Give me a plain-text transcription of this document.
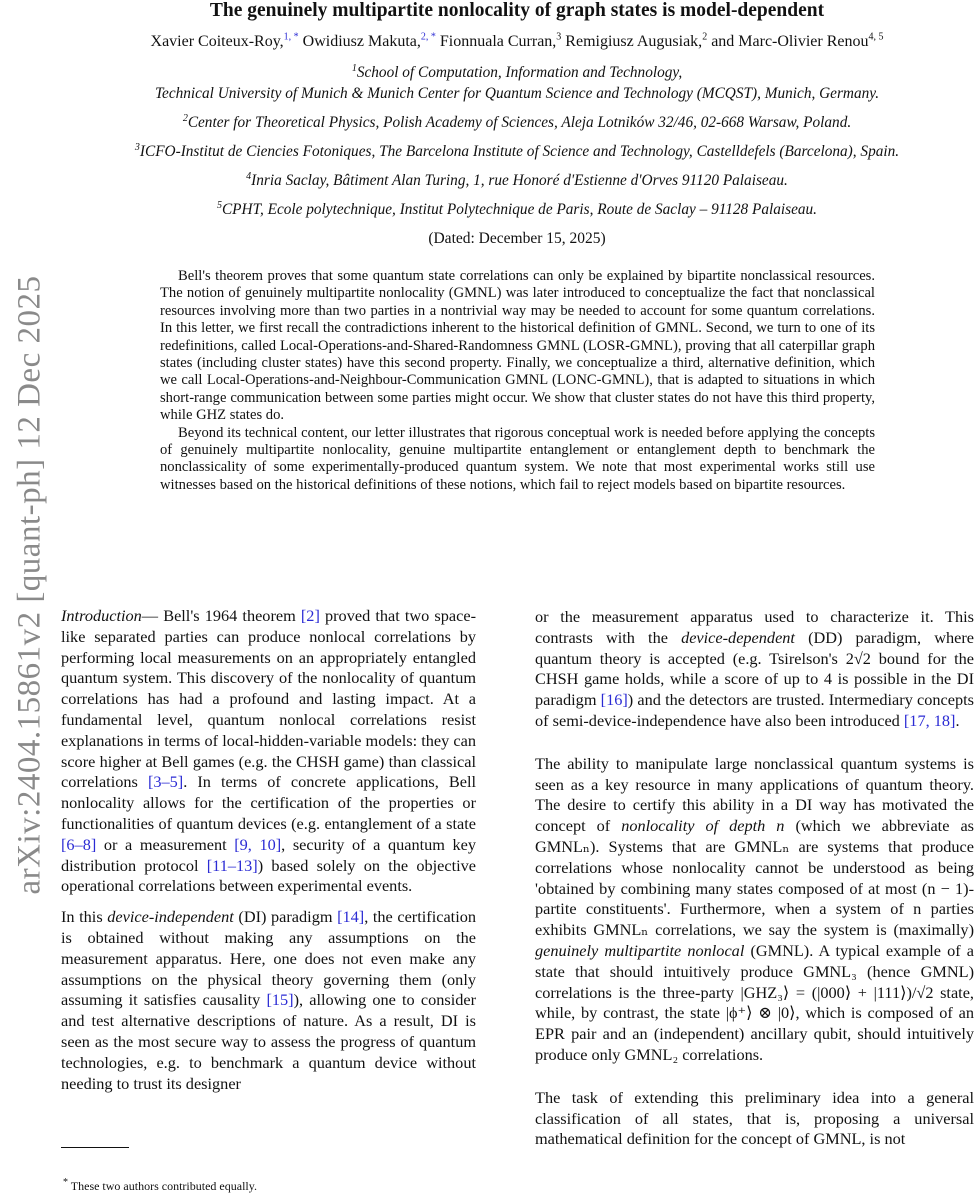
arXiv:2404.15861v2 [quant-ph] 12 Dec 2025
The genuinely multipartite nonlocality of graph states is model-dependent
Xavier Coiteux-Roy,$^{1, *}$ Owidiusz Makuta,$^{2, *}$ Fionnuala Curran,$^3$ Remigiusz Augusiak,$^2$ and Marc-Olivier Renou$^{4, 5}$
$^1$School of Computation, Information and Technology,
Technical University of Munich & Munich Center for Quantum Science and Technology (MCQST), Munich, Germany.
$^2$Center for Theoretical Physics, Polish Academy of Sciences, Aleja Lotników 32/46, 02-668 Warsaw, Poland.
$^3$ICFO-Institut de Ciencies Fotoniques, The Barcelona Institute of Science and Technology, Castelldefels (Barcelona), Spain.
$^4$Inria Saclay, Bâtiment Alan Turing, 1, rue Honoré d'Estienne d'Orves 91120 Palaiseau.
$^5$CPHT, Ecole polytechnique, Institut Polytechnique de Paris, Route de Saclay – 91128 Palaiseau.
(Dated: December 15, 2025)

Bell's theorem proves that some quantum state correlations can only be explained by bipartite nonclassical resources. The notion of genuinely multipartite nonlocality (GMNL) was later introduced to conceptualize the fact that nonclassical resources involving more than two parties in a nontrivial way may be needed to account for some quantum correlations. In this letter, we first recall the contradictions inherent to the historical definition of GMNL. Second, we turn to one of its redefinitions, called Local-Operations-and-Shared-Randomness GMNL (LOSR-GMNL), proving that all caterpillar graph states (including cluster states) have this second property. Finally, we conceptualize a third, alternative definition, which we call Local-Operations-and-Neighbour-Communication GMNL (LONC-GMNL), that is adapted to situations in which short-range communication between some parties might occur. We show that cluster states do not have this third property, while GHZ states do.

Beyond its technical content, our letter illustrates that rigorous conceptual work is needed before applying the concepts of genuinely multipartite nonlocality, genuine multipartite entanglement or entanglement depth to benchmark the nonclassicality of some experimentally-produced quantum system. We note that most experimental works still use witnesses based on the historical definitions of these notions, which fail to reject models based on bipartite resources.

Introduction— Bell's 1964 theorem [2] proved that two space-like separated parties can produce nonlocal correlations by performing local measurements on an appropriately entangled quantum system. This discovery of the nonlocality of quantum correlations has had a profound and lasting impact. At a fundamental level, quantum nonlocal correlations resist explanations in terms of local-hidden-variable models: they can score higher at Bell games (e.g. the CHSH game) than classical correlations [3–5]. In terms of concrete applications, Bell nonlocality allows for the certification of the properties or functionalities of quantum devices (e.g. entanglement of a state [6–8] or a measurement [9, 10], security of a quantum key distribution protocol [11–13]) based solely on the objective operational correlations between experimental events.

In this device-independent (DI) paradigm [14], the certification is obtained without making any assumptions on the measurement apparatus. Here, one does not even make any assumptions on the physical theory governing them (only assuming it satisfies causality [15]), allowing one to consider and test alternative descriptions of nature. As a result, DI is seen as the most secure way to assess the progress of quantum technologies, e.g. to benchmark a quantum device without needing to trust its designer

or the measurement apparatus used to characterize it. This contrasts with the device-dependent (DD) paradigm, where quantum theory is accepted (e.g. Tsirelson's 2√2 bound for the CHSH game holds, while a score of up to 4 is possible in the DI paradigm [16]) and the detectors are trusted. Intermediary concepts of semi-device-independence have also been introduced [17, 18].

The ability to manipulate large nonclassical quantum systems is seen as a key resource in many applications of quantum theory. The desire to certify this ability in a DI way has motivated the concept of nonlocality of depth n (which we abbreviate as GMNLₙ). Systems that are GMNLₙ are systems that produce correlations whose nonlocality cannot be understood as being 'obtained by combining many states composed of at most (n − 1)-partite constituents'. Furthermore, when a system of n parties exhibits GMNLₙ correlations, we say the system is (maximally) genuinely multipartite nonlocal (GMNL). A typical example of a state that should intuitively produce GMNL₃ (hence GMNL) correlations is the three-party |GHZ₃⟩ = (|000⟩ + |111⟩)/√2 state, while, by contrast, the state |ϕ⁺⟩ ⊗ |0⟩, which is composed of an EPR pair and an (independent) ancillary qubit, should intuitively produce only GMNL₂ correlations.

The task of extending this preliminary idea into a general classification of all states, that is, proposing a universal mathematical definition for the concept of GMNL, is not

* These two authors contributed equally.
